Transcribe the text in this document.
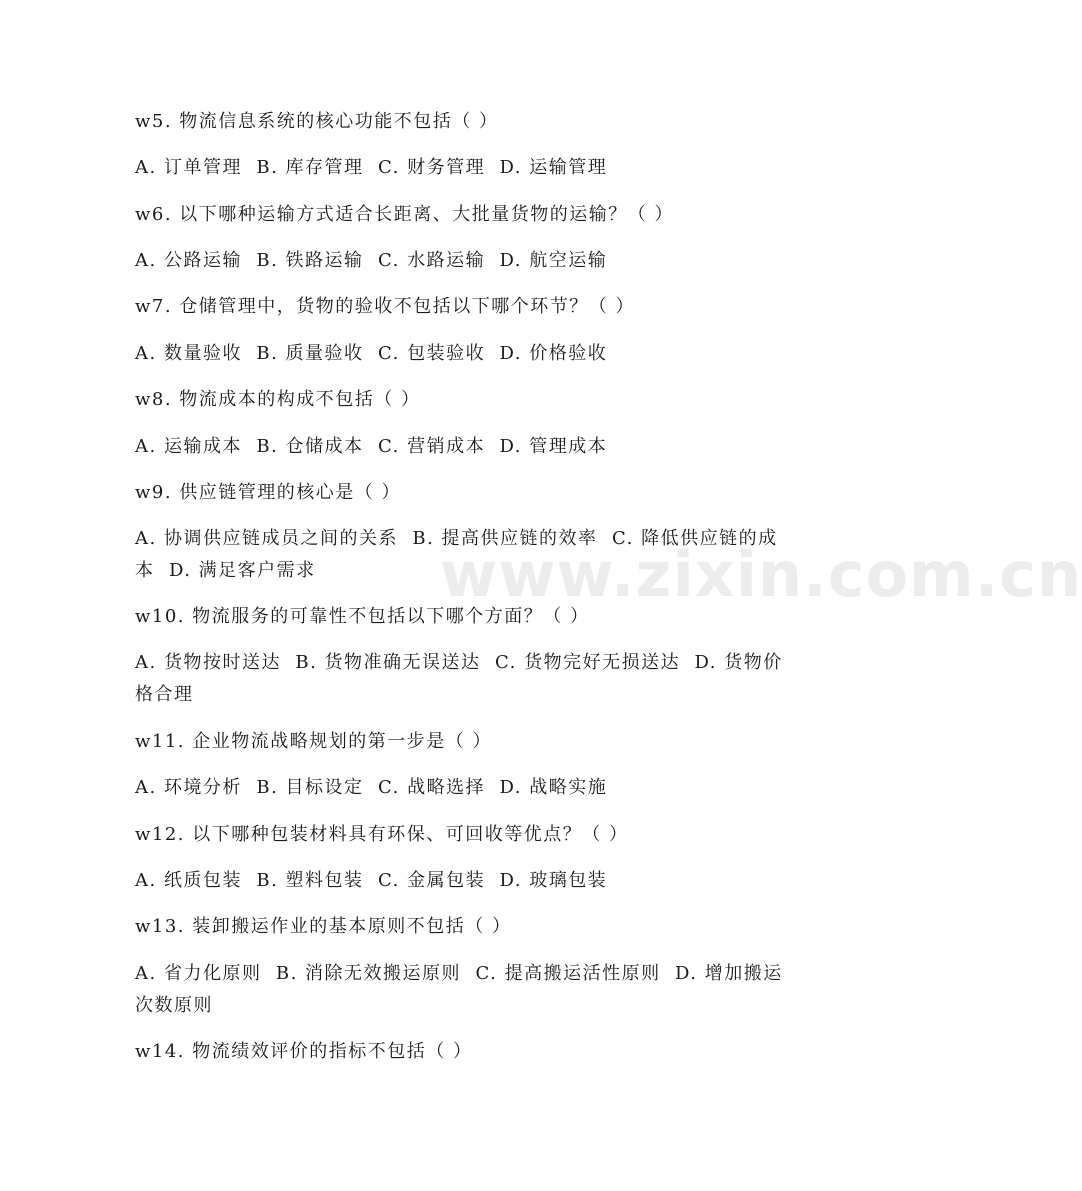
www.zixin.com.cn
w5. 物流信息系统的核心功能不包括（ ）
A. 订单管理  B. 库存管理  C. 财务管理  D. 运输管理
w6. 以下哪种运输方式适合长距离、大批量货物的运输？（ ）
A. 公路运输  B. 铁路运输  C. 水路运输  D. 航空运输
w7. 仓储管理中，货物的验收不包括以下哪个环节？（ ）
A. 数量验收  B. 质量验收  C. 包装验收  D. 价格验收
w8. 物流成本的构成不包括（ ）
A. 运输成本  B. 仓储成本  C. 营销成本  D. 管理成本
w9. 供应链管理的核心是（ ）
A. 协调供应链成员之间的关系  B. 提高供应链的效率  C. 降低供应链的成本  D. 满足客户需求
w10. 物流服务的可靠性不包括以下哪个方面？（ ）
A. 货物按时送达  B. 货物准确无误送达  C. 货物完好无损送达  D. 货物价格合理
w11. 企业物流战略规划的第一步是（ ）
A. 环境分析  B. 目标设定  C. 战略选择  D. 战略实施
w12. 以下哪种包装材料具有环保、可回收等优点？（ ）
A. 纸质包装  B. 塑料包装  C. 金属包装  D. 玻璃包装
w13. 装卸搬运作业的基本原则不包括（ ）
A. 省力化原则  B. 消除无效搬运原则  C. 提高搬运活性原则  D. 增加搬运次数原则
w14. 物流绩效评价的指标不包括（ ）
